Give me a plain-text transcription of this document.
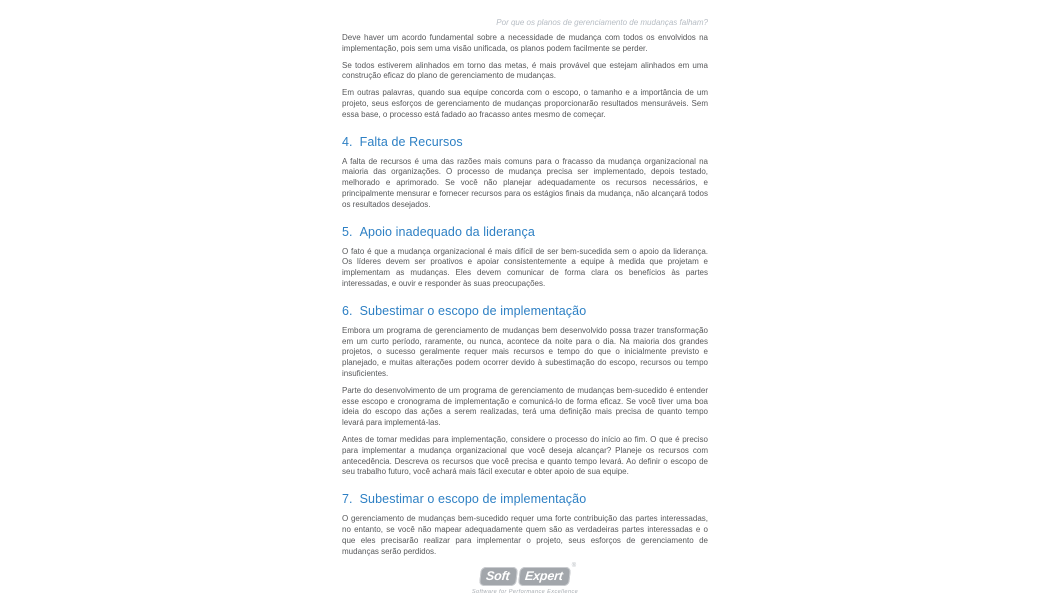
Por que os planos de gerenciamento de mudanças falham?

Deve haver um acordo fundamental sobre a necessidade de mudança com todos os envolvidos na implementação, pois sem uma visão unificada, os planos podem facilmente se perder.

Se todos estiverem alinhados em torno das metas, é mais provável que estejam alinhados em uma construção eficaz do plano de gerenciamento de mudanças.

Em outras palavras, quando sua equipe concorda com o escopo, o tamanho e a importância de um projeto, seus esforços de gerenciamento de mudanças proporcionarão resultados mensuráveis. Sem essa base, o processo está fadado ao fracasso antes mesmo de começar.

4. Falta de Recursos

A falta de recursos é uma das razões mais comuns para o fracasso da mudança organizacional na maioria das organizações. O processo de mudança precisa ser implementado, depois testado, melhorado e aprimorado. Se você não planejar adequadamente os recursos necessários, e principalmente mensurar e fornecer recursos para os estágios finais da mudança, não alcançará todos os resultados desejados.

5. Apoio inadequado da liderança

O fato é que a mudança organizacional é mais difícil de ser bem-sucedida sem o apoio da liderança. Os líderes devem ser proativos e apoiar consistentemente a equipe à medida que projetam e implementam as mudanças. Eles devem comunicar de forma clara os benefícios às partes interessadas, e ouvir e responder às suas preocupações.

6. Subestimar o escopo de implementação

Embora um programa de gerenciamento de mudanças bem desenvolvido possa trazer transformação em um curto período, raramente, ou nunca, acontece da noite para o dia. Na maioria dos grandes projetos, o sucesso geralmente requer mais recursos e tempo do que o inicialmente previsto e planejado, e muitas alterações podem ocorrer devido à subestimação do escopo, recursos ou tempo insuficientes.

Parte do desenvolvimento de um programa de gerenciamento de mudanças bem-sucedido é entender esse escopo e cronograma de implementação e comunicá-lo de forma eficaz. Se você tiver uma boa ideia do escopo das ações a serem realizadas, terá uma definição mais precisa de quanto tempo levará para implementá-las.

Antes de tomar medidas para implementação, considere o processo do início ao fim. O que é preciso para implementar a mudança organizacional que você deseja alcançar? Planeje os recursos com antecedência. Descreva os recursos que você precisa e quanto tempo levará. Ao definir o escopo de seu trabalho futuro, você achará mais fácil executar e obter apoio de sua equipe.

7. Subestimar o escopo de implementação

O gerenciamento de mudanças bem-sucedido requer uma forte contribuição das partes interessadas, no entanto, se você não mapear adequadamente quem são as verdadeiras partes interessadas e o que eles precisarão realizar para implementar o projeto, seus esforços de gerenciamento de mudanças serão perdidos.

Soft Expert
®
Software for Performance Excellence
